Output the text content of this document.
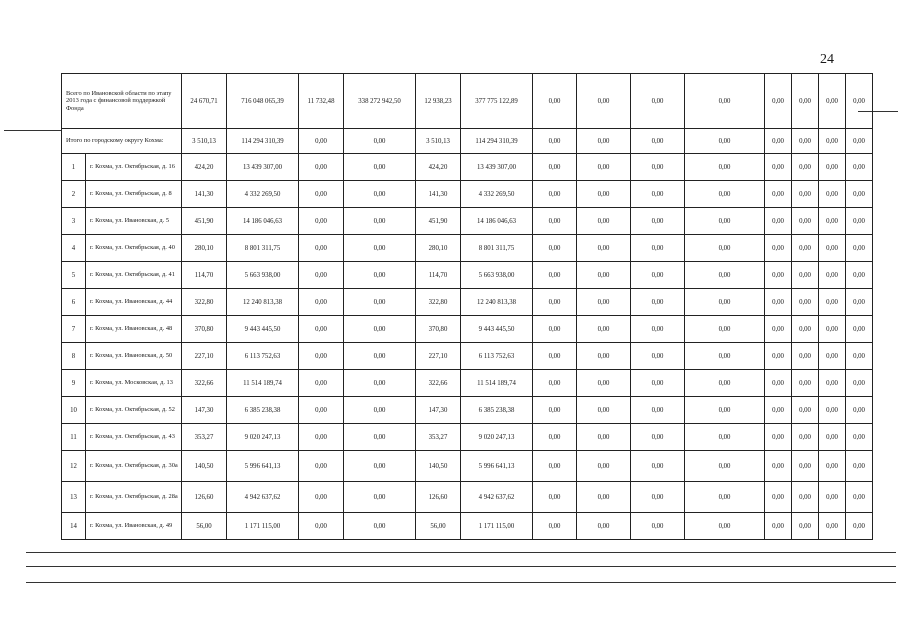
24
Всего по Ивановской области по этапу 2013 года с финансовой поддержкой Фонда		24 670,71	716 048 065,39	11 732,48	338 272 942,50	12 938,23	377 775 122,89	0,00	0,00	0,00	0,00	0,00	0,00	0,00	0,00
Итого по городскому округу Кохма:		3 510,13	114 294 310,39	0,00	0,00	3 510,13	114 294 310,39	0,00	0,00	0,00	0,00	0,00	0,00	0,00	0,00
1	г. Кохма, ул. Октябрьская, д. 16	424,20	13 439 307,00	0,00	0,00	424,20	13 439 307,00	0,00	0,00	0,00	0,00	0,00	0,00	0,00	0,00
2	г. Кохма, ул. Октябрьская, д. 8	141,30	4 332 269,50	0,00	0,00	141,30	4 332 269,50	0,00	0,00	0,00	0,00	0,00	0,00	0,00	0,00
3	г. Кохма, ул. Ивановская, д. 5	451,90	14 186 046,63	0,00	0,00	451,90	14 186 046,63	0,00	0,00	0,00	0,00	0,00	0,00	0,00	0,00
4	г. Кохма, ул. Октябрьская, д. 40	280,10	8 801 311,75	0,00	0,00	280,10	8 801 311,75	0,00	0,00	0,00	0,00	0,00	0,00	0,00	0,00
5	г. Кохма, ул. Октябрьская, д. 41	114,70	5 663 938,00	0,00	0,00	114,70	5 663 938,00	0,00	0,00	0,00	0,00	0,00	0,00	0,00	0,00
6	г. Кохма, ул. Ивановская, д. 44	322,80	12 240 813,38	0,00	0,00	322,80	12 240 813,38	0,00	0,00	0,00	0,00	0,00	0,00	0,00	0,00
7	г. Кохма, ул. Ивановская, д. 48	370,80	9 443 445,50	0,00	0,00	370,80	9 443 445,50	0,00	0,00	0,00	0,00	0,00	0,00	0,00	0,00
8	г. Кохма, ул. Ивановская, д. 50	227,10	6 113 752,63	0,00	0,00	227,10	6 113 752,63	0,00	0,00	0,00	0,00	0,00	0,00	0,00	0,00
9	г. Кохма, ул. Московская, д. 13	322,66	11 514 189,74	0,00	0,00	322,66	11 514 189,74	0,00	0,00	0,00	0,00	0,00	0,00	0,00	0,00
10	г. Кохма, ул. Октябрьская, д. 52	147,30	6 385 238,38	0,00	0,00	147,30	6 385 238,38	0,00	0,00	0,00	0,00	0,00	0,00	0,00	0,00
11	г. Кохма, ул. Октябрьская, д. 43	353,27	9 020 247,13	0,00	0,00	353,27	9 020 247,13	0,00	0,00	0,00	0,00	0,00	0,00	0,00	0,00
12	г. Кохма, ул. Октябрьская, д. 30а	140,50	5 996 641,13	0,00	0,00	140,50	5 996 641,13	0,00	0,00	0,00	0,00	0,00	0,00	0,00	0,00
13	г. Кохма, ул. Октябрьская, д. 28а	126,60	4 942 637,62	0,00	0,00	126,60	4 942 637,62	0,00	0,00	0,00	0,00	0,00	0,00	0,00	0,00
14	г. Кохма, ул. Ивановская, д. 49	56,00	1 171 115,00	0,00	0,00	56,00	1 171 115,00	0,00	0,00	0,00	0,00	0,00	0,00	0,00	0,00
